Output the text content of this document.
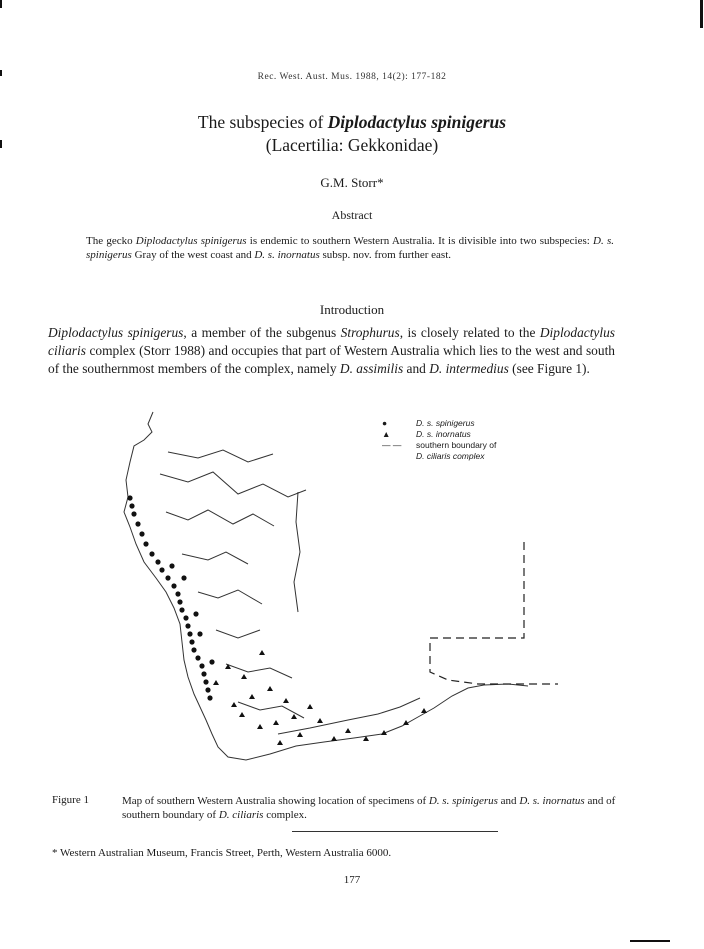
Rec. West. Aust. Mus. 1988, 14(2): 177-182
The subspecies of Diplodactylus spinigerus
(Lacertilia: Gekkonidae)
G.M. Storr*
Abstract
The gecko Diplodactylus spinigerus is endemic to southern Western Australia. It is divisible into two subspecies: D. s. spinigerus Gray of the west coast and D. s. inornatus subsp. nov. from further east.
Introduction
Diplodactylus spinigerus, a member of the subgenus Strophurus, is closely related to the Diplodactylus ciliaris complex (Storr 1988) and occupies that part of Western Australia which lies to the west and south of the southernmost members of the complex, namely D. assimilis and D. intermedius (see Figure 1).
●	D. s. spinigerus
▲	D. s. inornatus
— —	southern boundary of
D. ciliaris complex
Figure 1	Map of southern Western Australia showing location of specimens of D. s. spinigerus and D. s. inornatus and of southern boundary of D. ciliaris complex.
* Western Australian Museum, Francis Street, Perth, Western Australia 6000.
177
